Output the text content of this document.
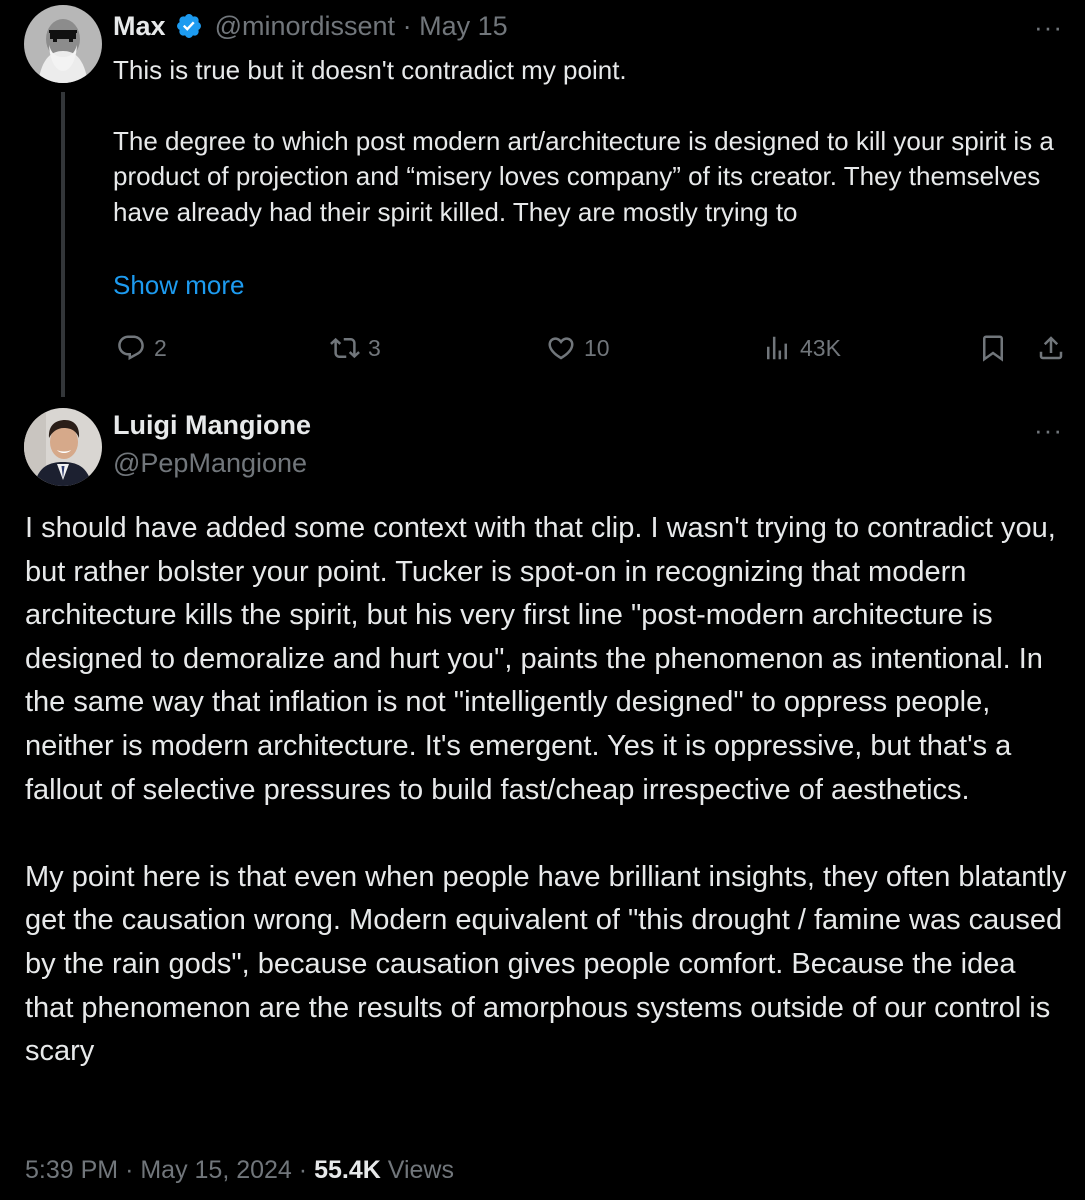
Max @minordissent · May 15	···

This is true but it doesn't contradict my point.

The degree to which post modern art/architecture is designed to kill your spirit is a product of projection and “misery loves company” of its creator. They themselves have already had their spirit killed. They are mostly trying to

Show more
2	3	10	43K
Luigi Mangione
@PepMangione
···

I should have added some context with that clip. I wasn't trying to contradict you, but rather bolster your point. Tucker is spot-on in recognizing that modern architecture kills the spirit, but his very first line "post-modern architecture is designed to demoralize and hurt you", paints the phenomenon as intentional. In the same way that inflation is not "intelligently designed" to oppress people, neither is modern architecture. It's emergent. Yes it is oppressive, but that's a fallout of selective pressures to build fast/cheap irrespective of aesthetics.

My point here is that even when people have brilliant insights, they often blatantly get the causation wrong. Modern equivalent of "this drought / famine was caused by the rain gods", because causation gives people comfort. Because the idea that phenomenon are the results of amorphous systems outside of our control is scary

5:39 PM · May 15, 2024 · 55.4K Views
